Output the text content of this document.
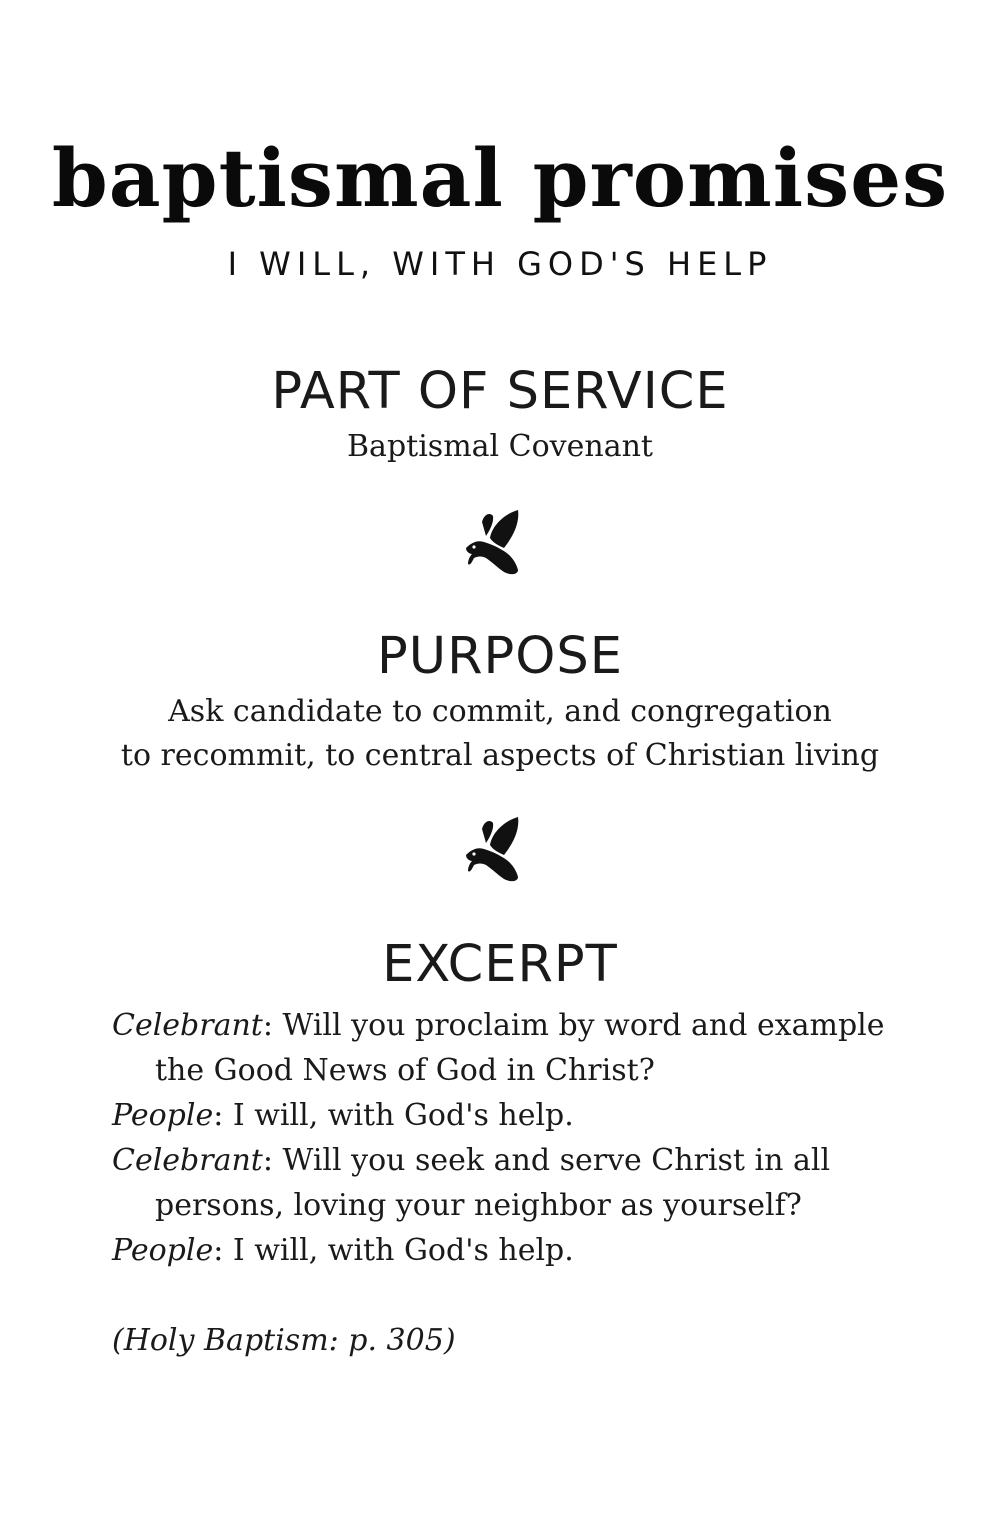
baptismal promises
I WILL, WITH GOD'S HELP
PART OF SERVICE
Baptismal Covenant
PURPOSE
Ask candidate to commit, and congregation
to recommit, to central aspects of Christian living
EXCERPT
Celebrant: Will you proclaim by word and example
the Good News of God in Christ?
People: I will, with God's help.
Celebrant: Will you seek and serve Christ in all
persons, loving your neighbor as yourself?
People: I will, with God's help.
(Holy Baptism: p. 305)
